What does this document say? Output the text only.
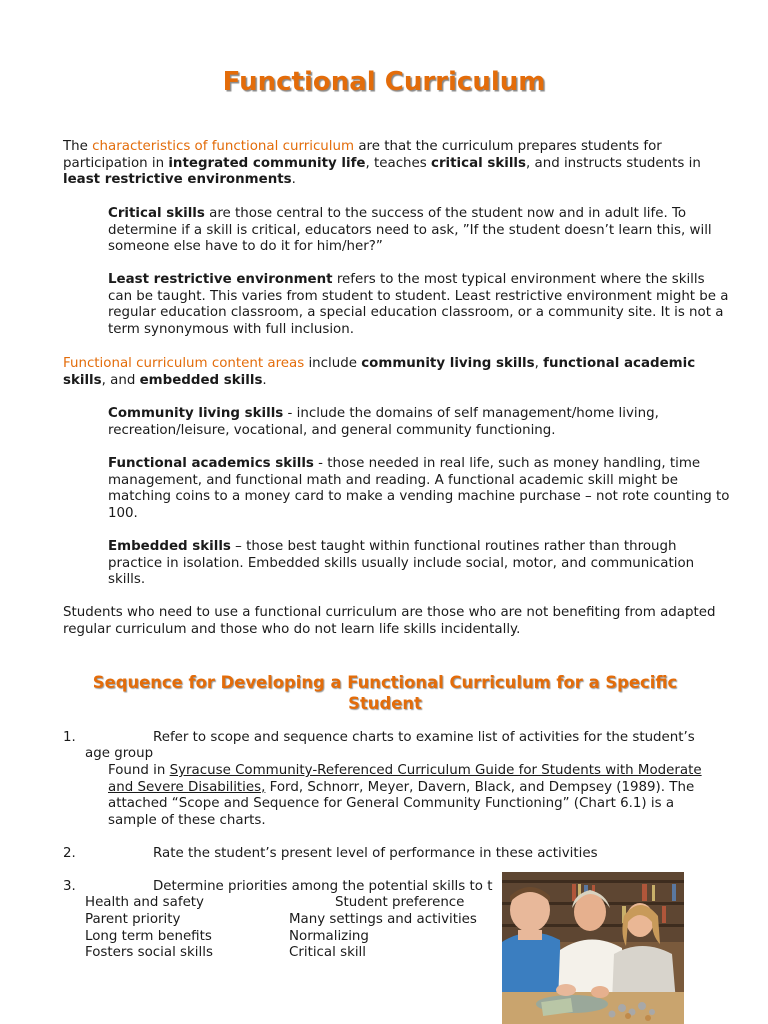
Functional Curriculum

The characteristics of functional curriculum are that the curriculum prepares students for participation in integrated community life, teaches critical skills, and instructs students in least restrictive environments.

Critical skills are those central to the success of the student now and in adult life. To determine if a skill is critical, educators need to ask, ”If the student doesn’t learn this, will someone else have to do it for him/her?”

Least restrictive environment refers to the most typical environment where the skills can be taught. This varies from student to student. Least restrictive environment might be a regular education classroom, a special education classroom, or a community site. It is not a term synonymous with full inclusion.

Functional curriculum content areas include community living skills, functional academic skills, and embedded skills.

Community living skills - include the domains of self management/home living, recreation/leisure, vocational, and general community functioning.

Functional academics skills - those needed in real life, such as money handling, time management, and functional math and reading. A functional academic skill might be matching coins to a money card to make a vending machine purchase – not rote counting to 100.

Embedded skills – those best taught within functional routines rather than through practice in isolation. Embedded skills usually include social, motor, and communication skills.

Students who need to use a functional curriculum are those who are not benefiting from adapted regular curriculum and those who do not learn life skills incidentally.

Sequence for Developing a Functional Curriculum for a Specific Student
1.	Refer to scope and sequence charts to examine list of activities for the student’s
age group

Found in Syracuse Community-Referenced Curriculum Guide for Students with Moderate and Severe Disabilities, Ford, Schnorr, Meyer, Davern, Black, and Dempsey (1989). The attached “Scope and Sequence for General Community Functioning” (Chart 6.1) is a sample of these charts.

2.	Rate the student’s present level of performance in these activities
3.	Determine priorities among the potential skills to t
Health and safety	Student preference
Parent priority	Many settings and activities
Long term benefits	Normalizing
Fosters social skills	Critical skill
